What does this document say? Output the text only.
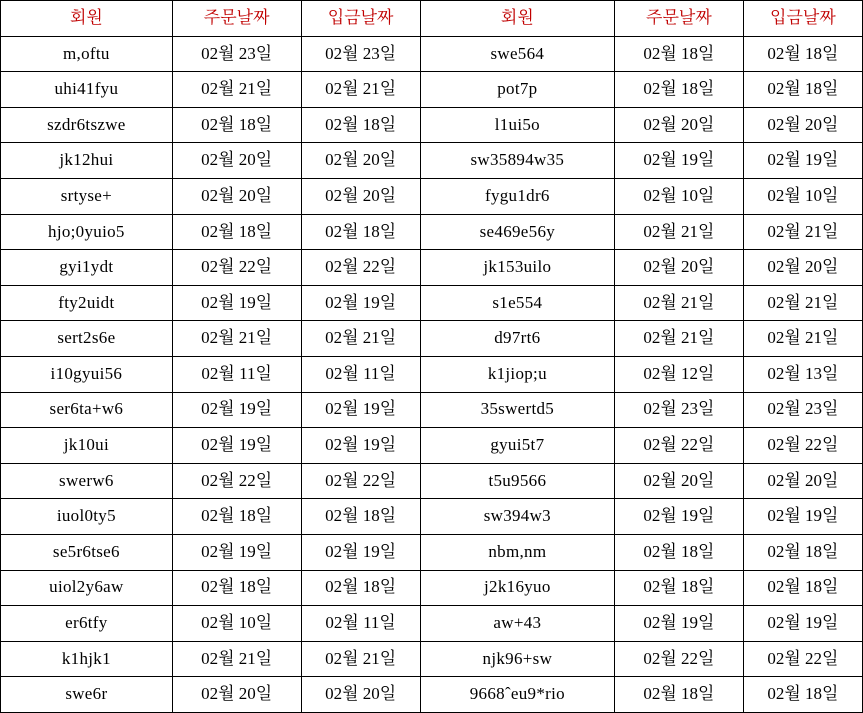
회원	주문날짜	입금날짜	회원	주문날짜	입금날짜
m,oftu	02월 23일	02월 23일	swe564	02월 18일	02월 18일
uhi41fyu	02월 21일	02월 21일	pot7p	02월 18일	02월 18일
szdr6tszwe	02월 18일	02월 18일	l1ui5o	02월 20일	02월 20일
jk12hui	02월 20일	02월 20일	sw35894w35	02월 19일	02월 19일
srtyse+	02월 20일	02월 20일	fygu1dr6	02월 10일	02월 10일
hjo;0yuio5	02월 18일	02월 18일	se469e56y	02월 21일	02월 21일
gyi1ydt	02월 22일	02월 22일	jk153uilo	02월 20일	02월 20일
fty2uidt	02월 19일	02월 19일	s1e554	02월 21일	02월 21일
sert2s6e	02월 21일	02월 21일	d97rt6	02월 21일	02월 21일
i10gyui56	02월 11일	02월 11일	k1jiop;u	02월 12일	02월 13일
ser6ta+w6	02월 19일	02월 19일	35swertd5	02월 23일	02월 23일
jk10ui	02월 19일	02월 19일	gyui5t7	02월 22일	02월 22일
swerw6	02월 22일	02월 22일	t5u9566	02월 20일	02월 20일
iuol0ty5	02월 18일	02월 18일	sw394w3	02월 19일	02월 19일
se5r6tse6	02월 19일	02월 19일	nbm,nm	02월 18일	02월 18일
uiol2y6aw	02월 18일	02월 18일	j2k16yuo	02월 18일	02월 18일
er6tfy	02월 10일	02월 11일	aw+43	02월 19일	02월 19일
k1hjk1	02월 21일	02월 21일	njk96+sw	02월 22일	02월 22일
swe6r	02월 20일	02월 20일	9668ˆeu9*rio	02월 18일	02월 18일
